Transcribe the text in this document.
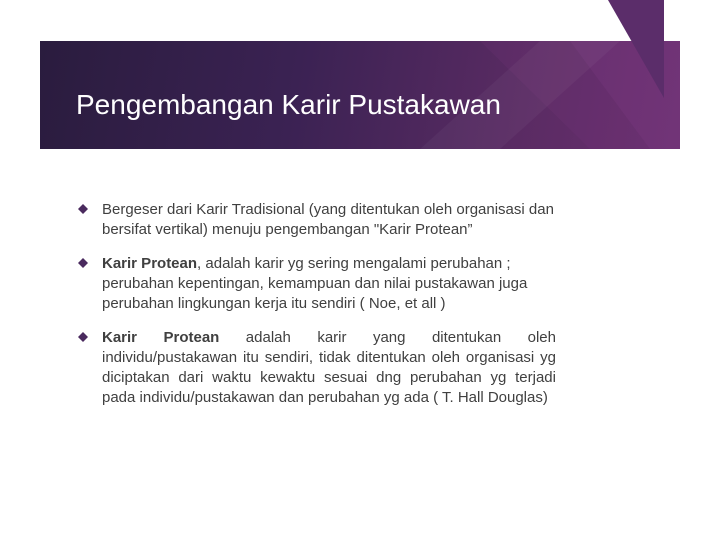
Pengembangan Karir Pustakawan
Bergeser dari Karir Tradisional (yang ditentukan oleh organisasi dan bersifat vertikal) menuju pengembangan "Karir Protean”
Karir Protean, adalah karir yg sering mengalami perubahan ; perubahan kepentingan, kemampuan dan nilai pustakawan juga perubahan lingkungan kerja itu sendiri ( Noe, et all )
Karir Protean adalah karir yang ditentukan oleh individu/pustakawan itu sendiri, tidak ditentukan oleh organisasi yg diciptakan dari waktu kewaktu sesuai dng perubahan yg terjadi pada individu/pustakawan dan perubahan yg ada ( T. Hall Douglas)
